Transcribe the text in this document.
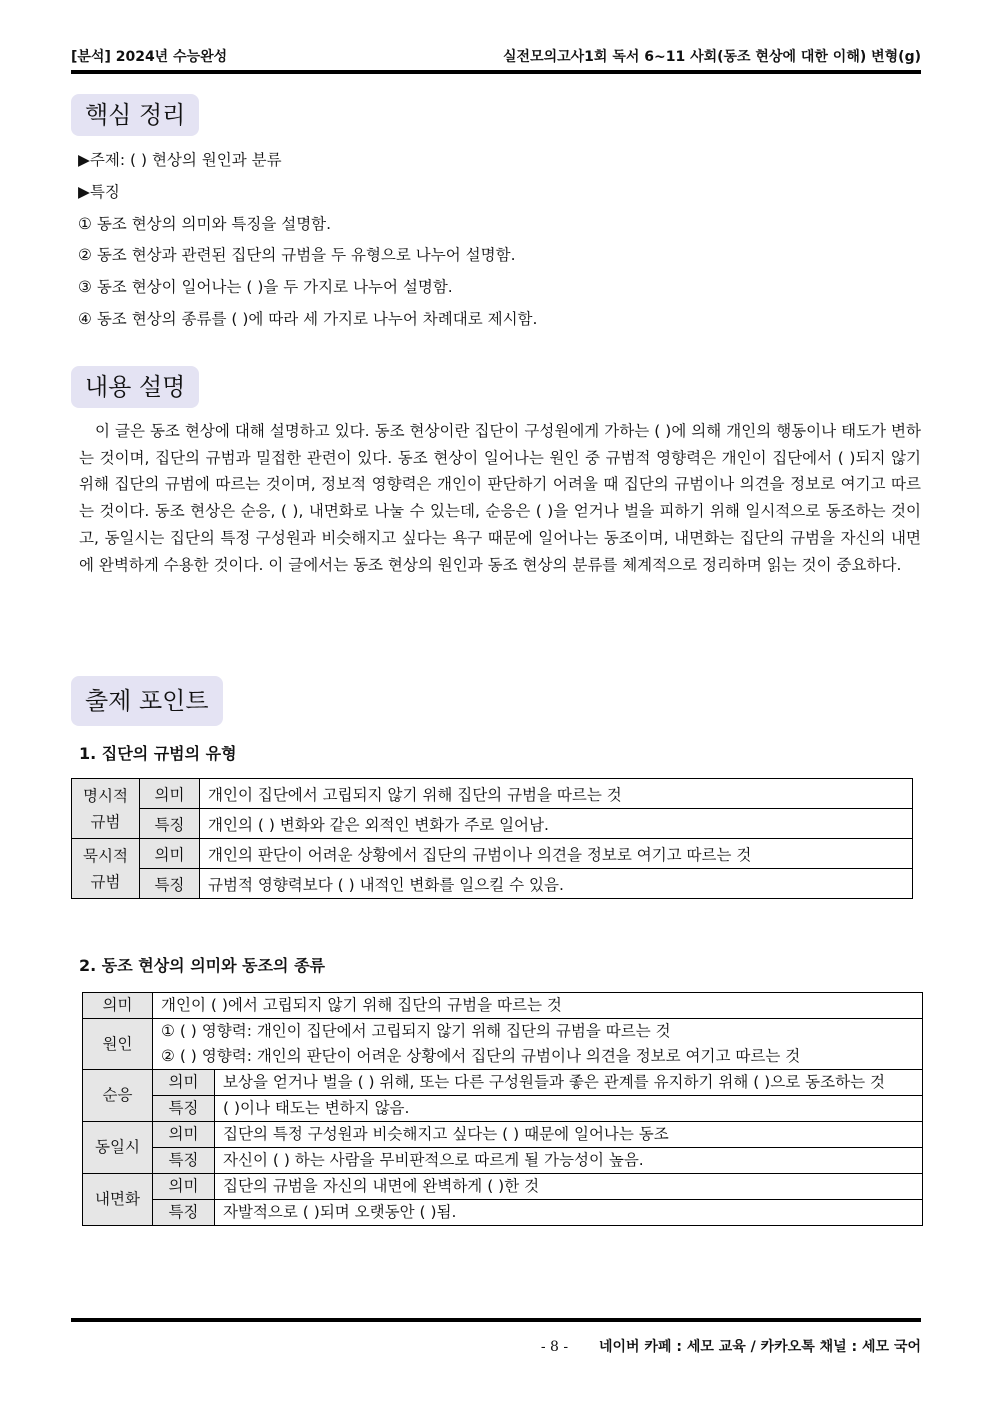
[분석] 2024년 수능완성	실전모의고사1회 독서 6~11 사회(동조 현상에 대한 이해) 변형(g)
핵심 정리
▶주제: ( ) 현상의 원인과 분류
▶특징
① 동조 현상의 의미와 특징을 설명함.
② 동조 현상과 관련된 집단의 규범을 두 유형으로 나누어 설명함.
③ 동조 현상이 일어나는 ( )을 두 가지로 나누어 설명함.
④ 동조 현상의 종류를 ( )에 따라 세 가지로 나누어 차례대로 제시함.
내용 설명

이 글은 동조 현상에 대해 설명하고 있다. 동조 현상이란 집단이 구성원에게 가하는 ( )에 의해 개인의 행동이나 태도가 변하는 것이며, 집단의 규범과 밀접한 관련이 있다. 동조 현상이 일어나는 원인 중 규범적 영향력은 개인이 집단에서 ( )되지 않기 위해 집단의 규범에 따르는 것이며, 정보적 영향력은 개인이 판단하기 어려울 때 집단의 규범이나 의견을 정보로 여기고 따르는 것이다. 동조 현상은 순응, ( ), 내면화로 나눌 수 있는데, 순응은 ( )을 얻거나 벌을 피하기 위해 일시적으로 동조하는 것이고, 동일시는 집단의 특정 구성원과 비슷해지고 싶다는 욕구 때문에 일어나는 동조이며, 내면화는 집단의 규범을 자신의 내면에 완벽하게 수용한 것이다. 이 글에서는 동조 현상의 원인과 동조 현상의 분류를 체계적으로 정리하며 읽는 것이 중요하다.

출제 포인트
1. 집단의 규범의 유형
명시적 규범	의미	개인이 집단에서 고립되지 않기 위해 집단의 규범을 따르는 것
	특징	개인의 ( ) 변화와 같은 외적인 변화가 주로 일어남.
묵시적 규범	의미	개인의 판단이 어려운 상황에서 집단의 규범이나 의견을 정보로 여기고 따르는 것
	특징	규범적 영향력보다 ( ) 내적인 변화를 일으킬 수 있음.
2. 동조 현상의 의미와 동조의 종류
의미	개인이 ( )에서 고립되지 않기 위해 집단의 규범을 따르는 것	
원인	① ( ) 영향력: 개인이 집단에서 고립되지 않기 위해 집단의 규범을 따르는 것
② ( ) 영향력: 개인의 판단이 어려운 상황에서 집단의 규범이나 의견을 정보로 여기고 따르는 것	

순응	의미	보상을 얻거나 벌을 ( ) 위해, 또는 다른 구성원들과 좋은 관계를 유지하기 위해 ( )으로 동조하는 것
	특징	( )이나 태도는 변하지 않음.
동일시	의미	집단의 특정 구성원과 비슷해지고 싶다는 ( ) 때문에 일어나는 동조
	특징	자신이 ( ) 하는 사람을 무비판적으로 따르게 될 가능성이 높음.
내면화	의미	집단의 규범을 자신의 내면에 완벽하게 ( )한 것
	특징	자발적으로 ( )되며 오랫동안 ( )됨.
- 8 - 네이버 카페 : 세모 교육 / 카카오톡 채널 : 세모 국어
